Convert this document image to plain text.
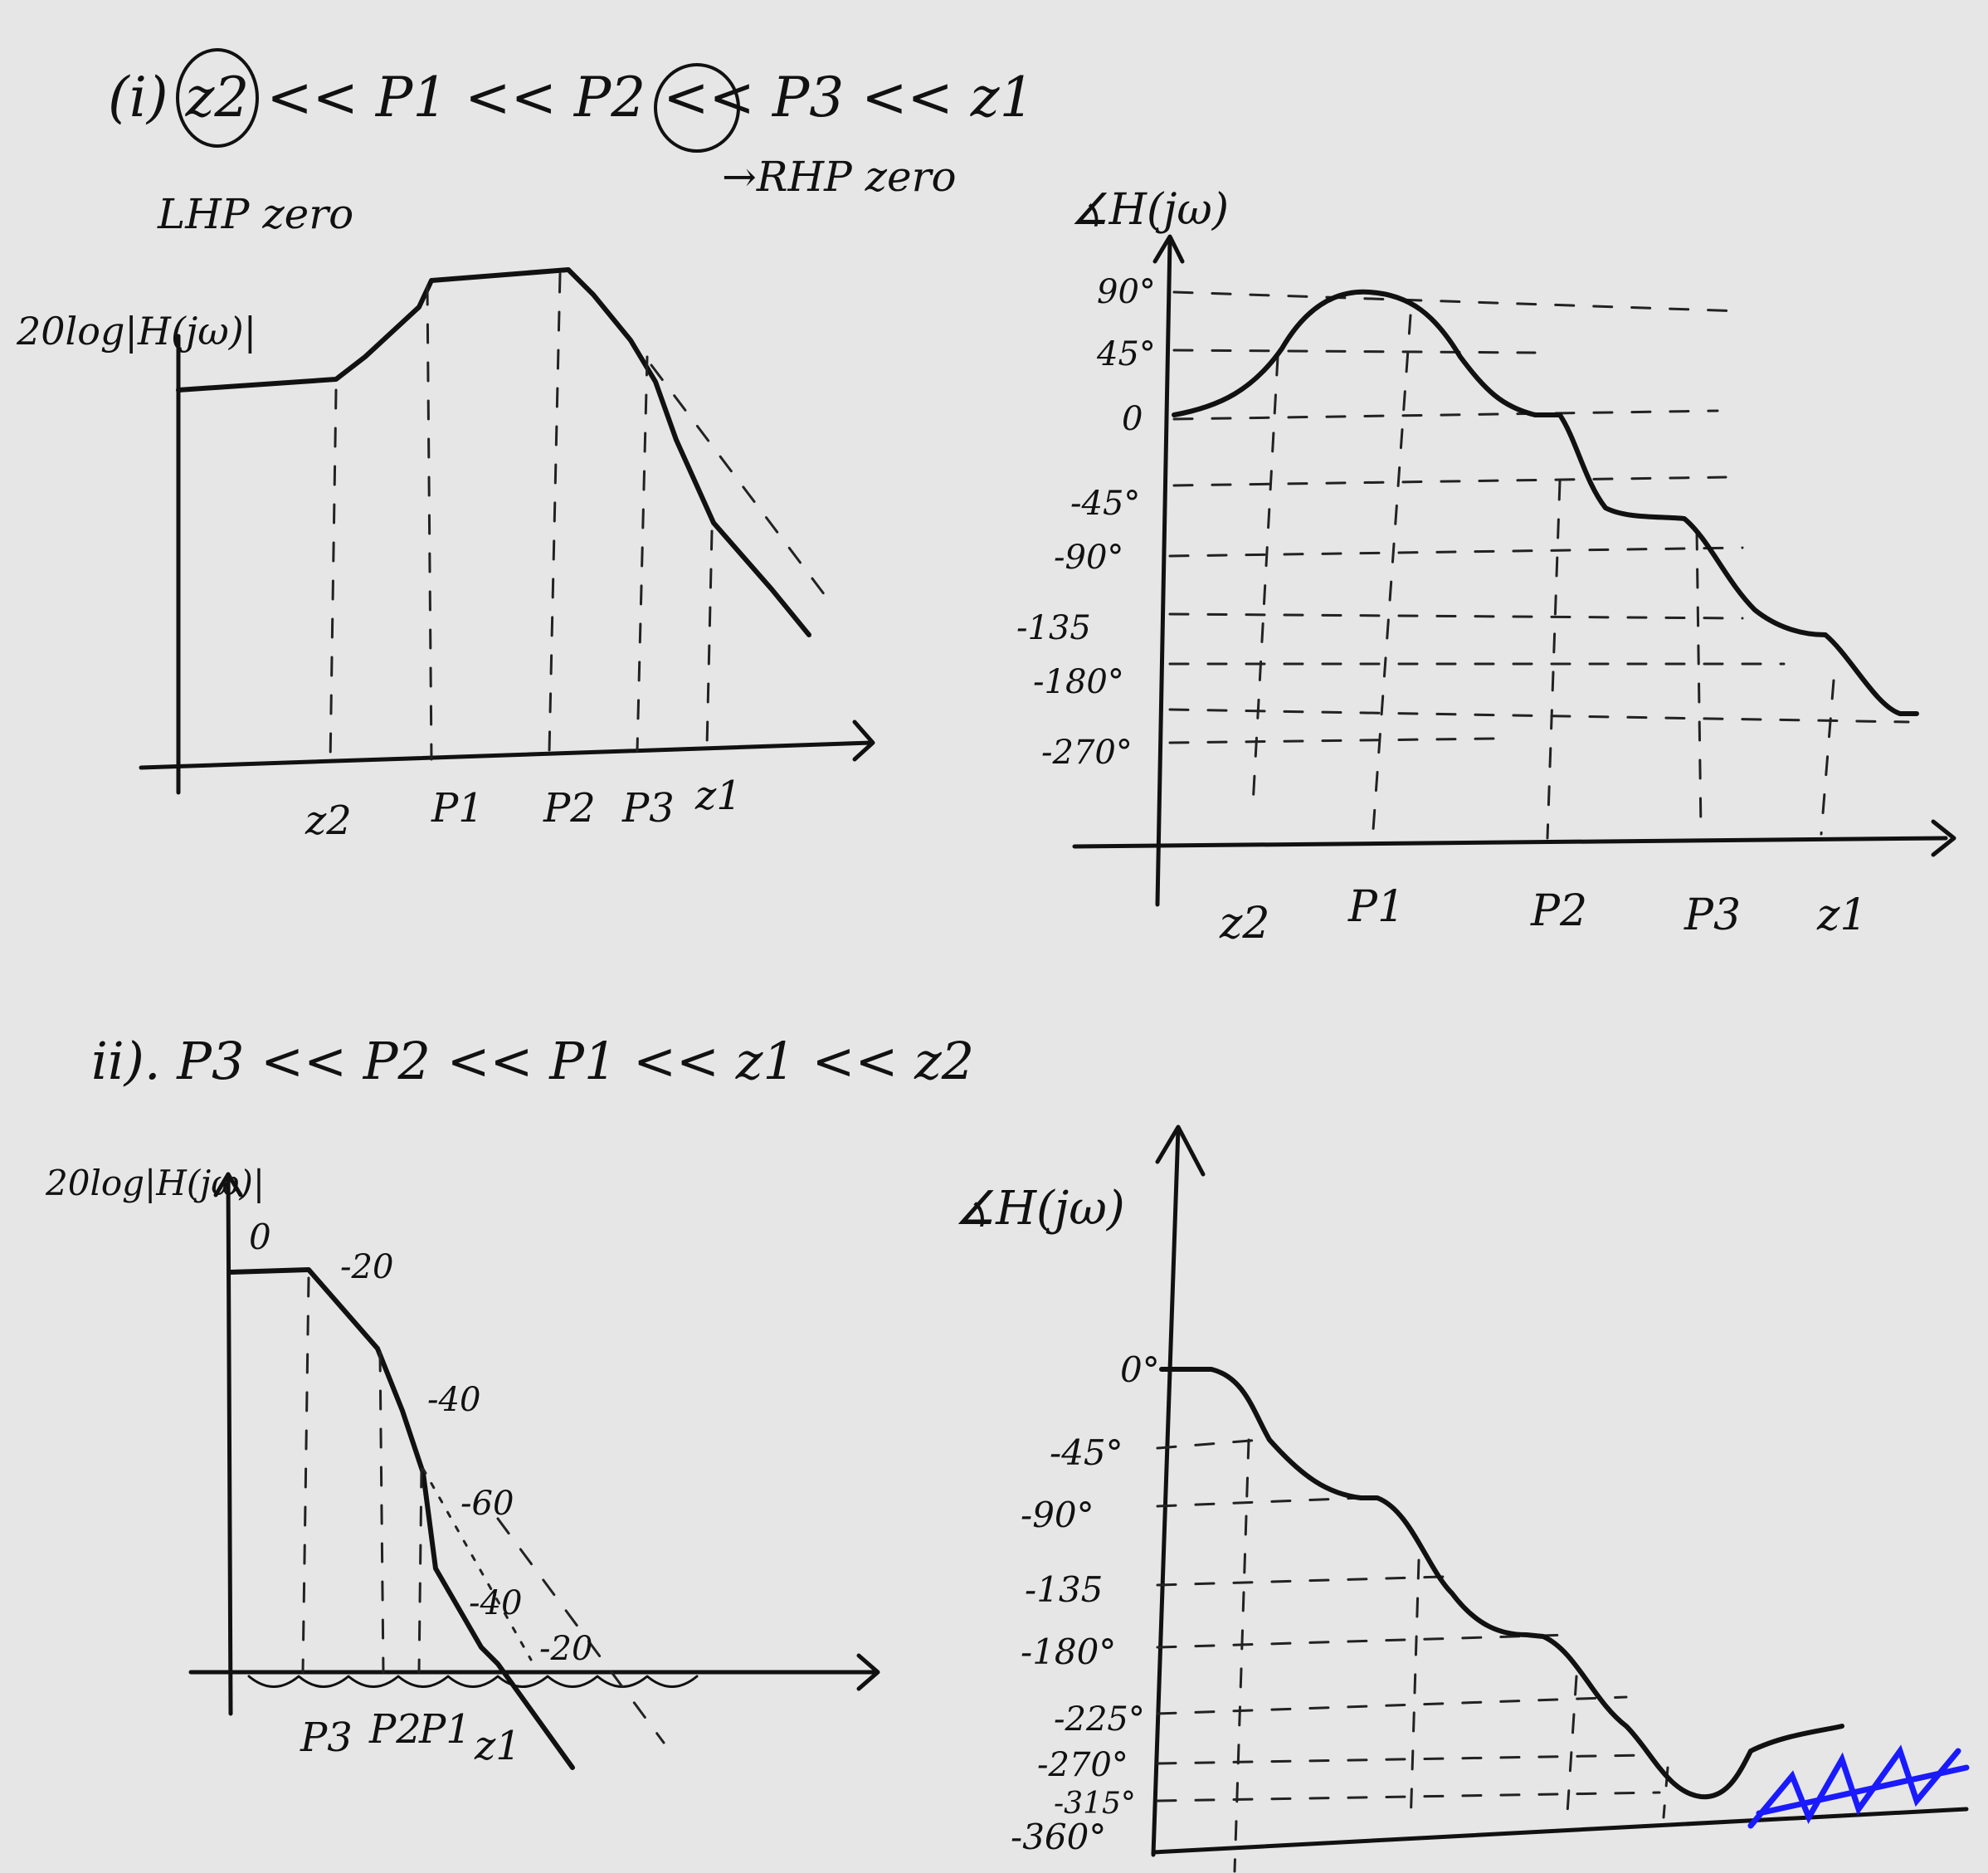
(i) z2 << P1 << P2 << P3 << z1
LHP zero
→RHP zero
20log|H(jω)|
z2 P1 P2 P3 z1
∡H(jω)
90°
45°
0
-45°
-90°
-135
-180°
-270°
z2 P1	P2 P3 z1
ii). P3 << P2 << P1 << z1 << z2
20log|H(jω)|
0
-20
-40
-60
-40
-20
P3 P2
P1 z1
∡H(jω)
0°
-45°
-90°
-135
-180°
-225°
-270°
-315°
-360°
